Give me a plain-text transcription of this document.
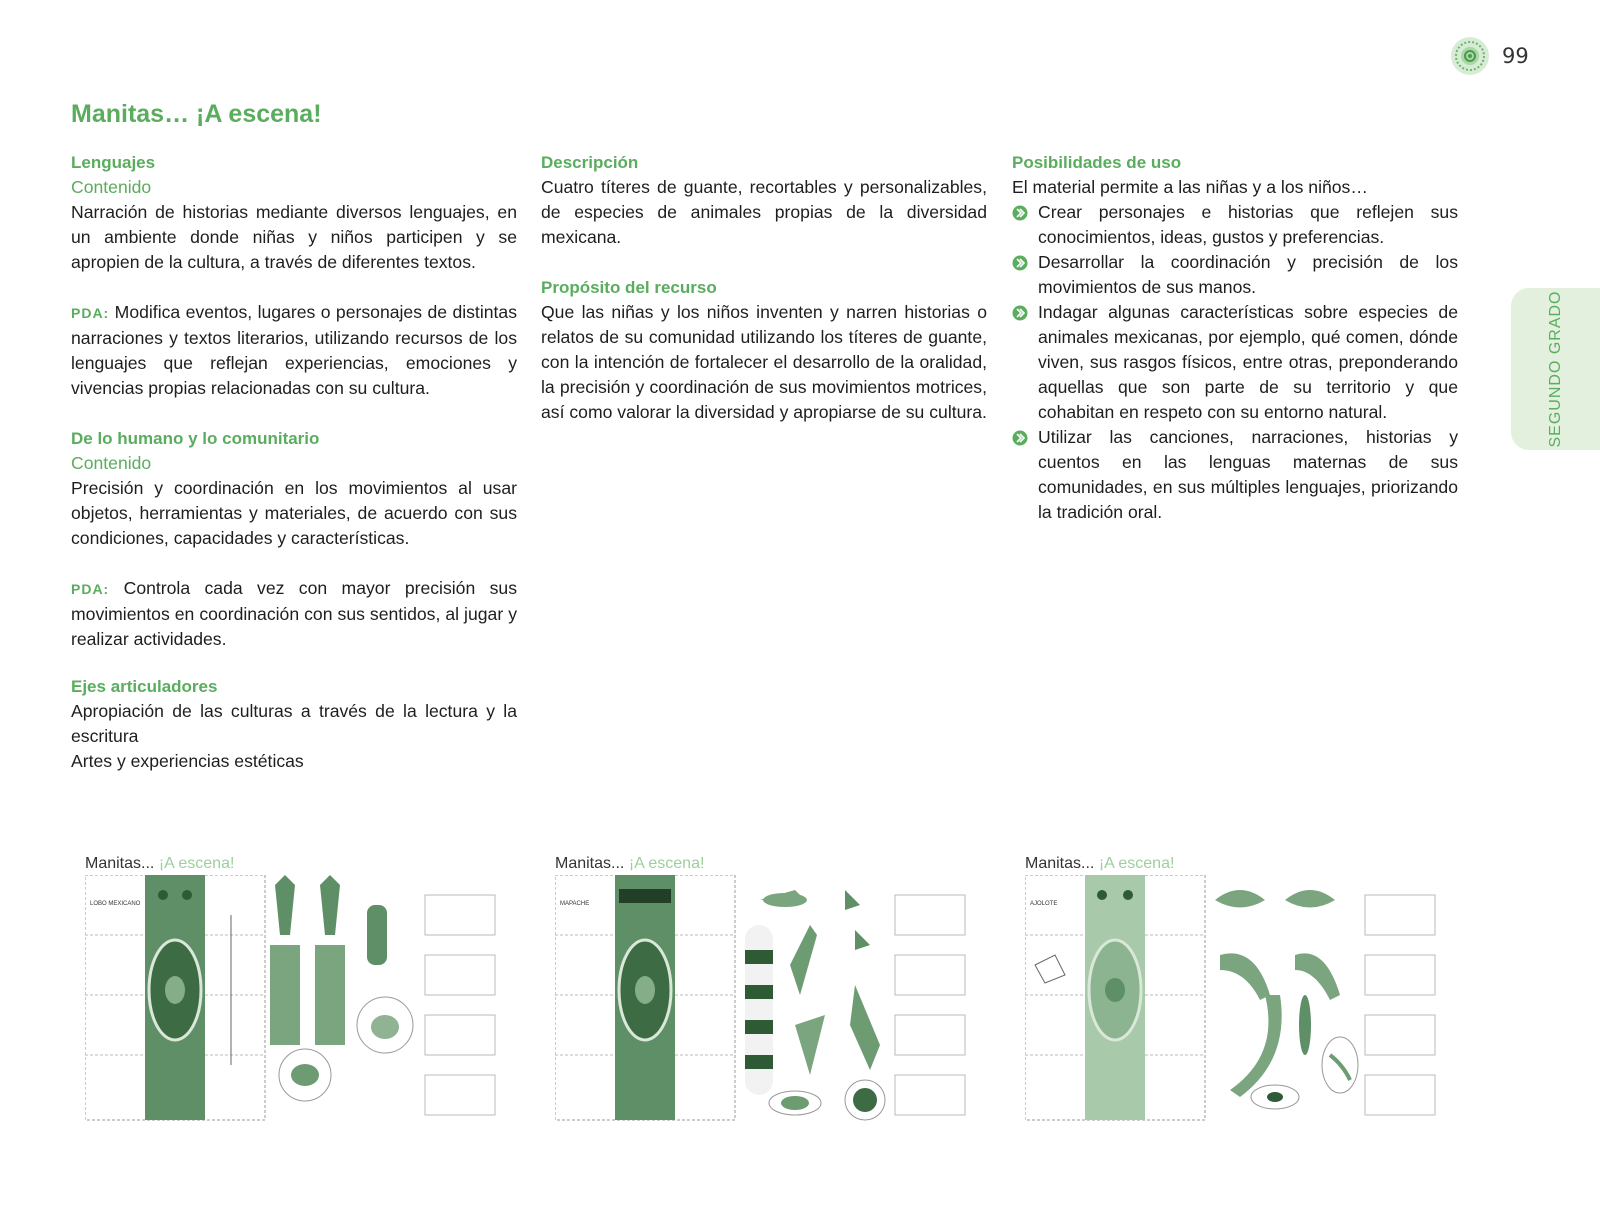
99
Manitas… ¡A escena!
Lenguajes
Contenido
Narración de historias mediante diversos lenguajes, en un ambiente donde niñas y niños participen y se apropien de la cultura, a través de diferentes textos.
PDA: Modifica eventos, lugares o personajes de distintas narraciones y textos literarios, utilizando recursos de los lenguajes que reflejan experiencias, emociones y vivencias propias relacionadas con su cultura.
De lo humano y lo comunitario
Contenido
Precisión y coordinación en los movimientos al usar objetos, herramientas y materiales, de acuerdo con sus condiciones, capacidades y características.
PDA: Controla cada vez con mayor precisión sus movimientos en coordinación con sus sentidos, al jugar y realizar actividades.
Ejes articuladores
Apropiación de las culturas a través de la lectura y la escritura
Artes y experiencias estéticas
Descripción
Cuatro títeres de guante, recortables y personalizables, de especies de animales propias de la diversidad mexicana.
Propósito del recurso
Que las niñas y los niños inventen y narren historias o relatos de su comunidad utilizando los títeres de guante, con la intención de fortalecer el desarrollo de la oralidad, la precisión y coordinación de sus movimientos motrices, así como valorar la diversidad y apropiarse de su cultura.
Posibilidades de uso
El material permite a las niñas y a los niños…
Crear personajes e historias que reflejen sus conocimientos, ideas, gustos y preferencias.
Desarrollar la coordinación y precisión de los movimientos de sus manos.
Indagar algunas características sobre especies de animales mexicanas, por ejemplo, qué comen, dónde viven, sus rasgos físicos, entre otras, preponderando aquellas que son parte de su territorio y que cohabitan en respeto con su entorno natural.
Utilizar las canciones, narraciones, historias y cuentos en las lenguas maternas de sus comunidades, en sus múltiples lenguajes, priorizando la tradición oral.
SEGUNDO GRADO
Manitas... ¡A escena!
LOBO MEXICANO
Manitas... ¡A escena!
MAPACHE
Manitas... ¡A escena!
AJOLOTE
